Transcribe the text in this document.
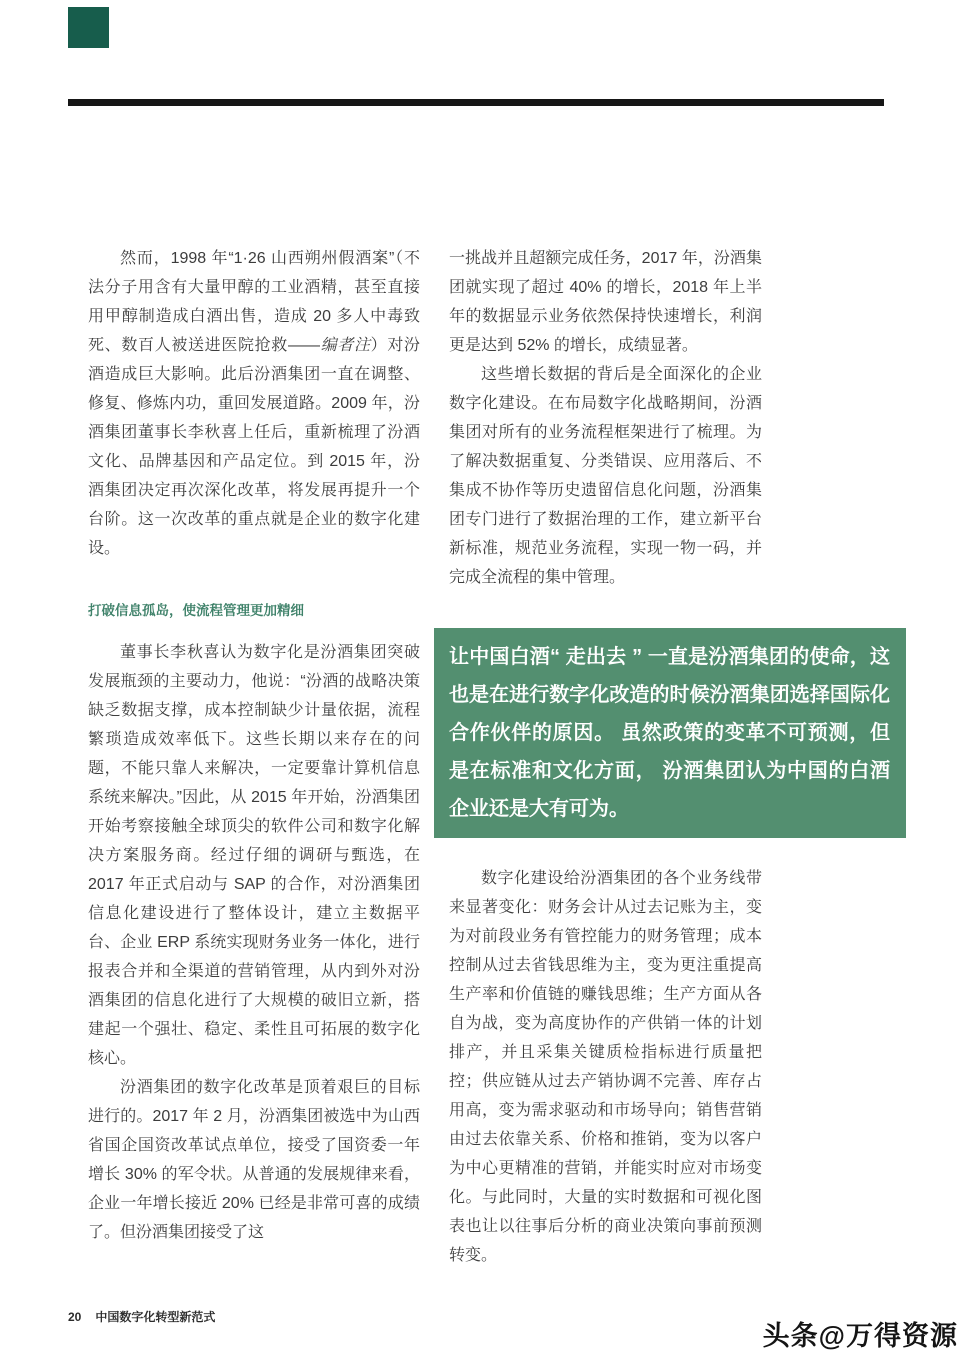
然而，1998 年“1·26 山西朔州假酒案”（不法分子用含有大量甲醇的工业酒精，甚至直接用甲醇制造成白酒出售，造成 20 多人中毒致死、数百人被送进医院抢救——编者注）对汾酒造成巨大影响。此后汾酒集团一直在调整、修复、修炼内功，重回发展道路。2009 年，汾酒集团董事长李秋喜上任后，重新梳理了汾酒文化、品牌基因和产品定位。到 2015 年，汾酒集团决定再次深化改革，将发展再提升一个台阶。这一次改革的重点就是企业的数字化建设。

打破信息孤岛，使流程管理更加精细

董事长李秋喜认为数字化是汾酒集团突破发展瓶颈的主要动力，他说：“汾酒的战略决策缺乏数据支撑，成本控制缺少计量依据，流程繁琐造成效率低下。这些长期以来存在的问题，不能只靠人来解决，一定要靠计算机信息系统来解决。”因此，从 2015 年开始，汾酒集团开始考察接触全球顶尖的软件公司和数字化解决方案服务商。经过仔细的调研与甄选，在 2017 年正式启动与 SAP 的合作，对汾酒集团信息化建设进行了整体设计，建立主数据平台、企业 ERP 系统实现财务业务一体化，进行报表合并和全渠道的营销管理，从内到外对汾酒集团的信息化进行了大规模的破旧立新，搭建起一个强壮、稳定、柔性且可拓展的数字化核心。

汾酒集团的数字化改革是顶着艰巨的目标进行的。2017 年 2 月，汾酒集团被选中为山西省国企国资改革试点单位，接受了国资委一年增长 30% 的军令状。从普通的发展规律来看，企业一年增长接近 20% 已经是非常可喜的成绩了。但汾酒集团接受了这

一挑战并且超额完成任务，2017 年，汾酒集团就实现了超过 40% 的增长，2018 年上半年的数据显示业务依然保持快速增长，利润更是达到 52% 的增长，成绩显著。

这些增长数据的背后是全面深化的企业数字化建设。在布局数字化战略期间，汾酒集团对所有的业务流程框架进行了梳理。为了解决数据重复、分类错误、应用落后、不集成不协作等历史遗留信息化问题，汾酒集团专门进行了数据治理的工作，建立新平台新标准，规范业务流程，实现一物一码，并完成全流程的集中管理。

让中国白酒“ 走出去 ” 一直是汾酒集团的使命，这也是在进行数字化改造的时候汾酒集团选择国际化合作伙伴的原因。 虽然政策的变革不可预测，但是在标准和文化方面， 汾酒集团认为中国的白酒企业还是大有可为。

数字化建设给汾酒集团的各个业务线带来显著变化：财务会计从过去记账为主，变为对前段业务有管控能力的财务管理；成本控制从过去省钱思维为主，变为更注重提高生产率和价值链的赚钱思维；生产方面从各自为战，变为高度协作的产供销一体的计划排产，并且采集关键质检指标进行质量把控；供应链从过去产销协调不完善、库存占用高，变为需求驱动和市场导向；销售营销由过去依靠关系、价格和推销，变为以客户为中心更精准的营销，并能实时应对市场变化。与此同时，大量的实时数据和可视化图表也让以往事后分析的商业决策向事前预测转变。

20 中国数字化转型新范式
头条@万得资源
